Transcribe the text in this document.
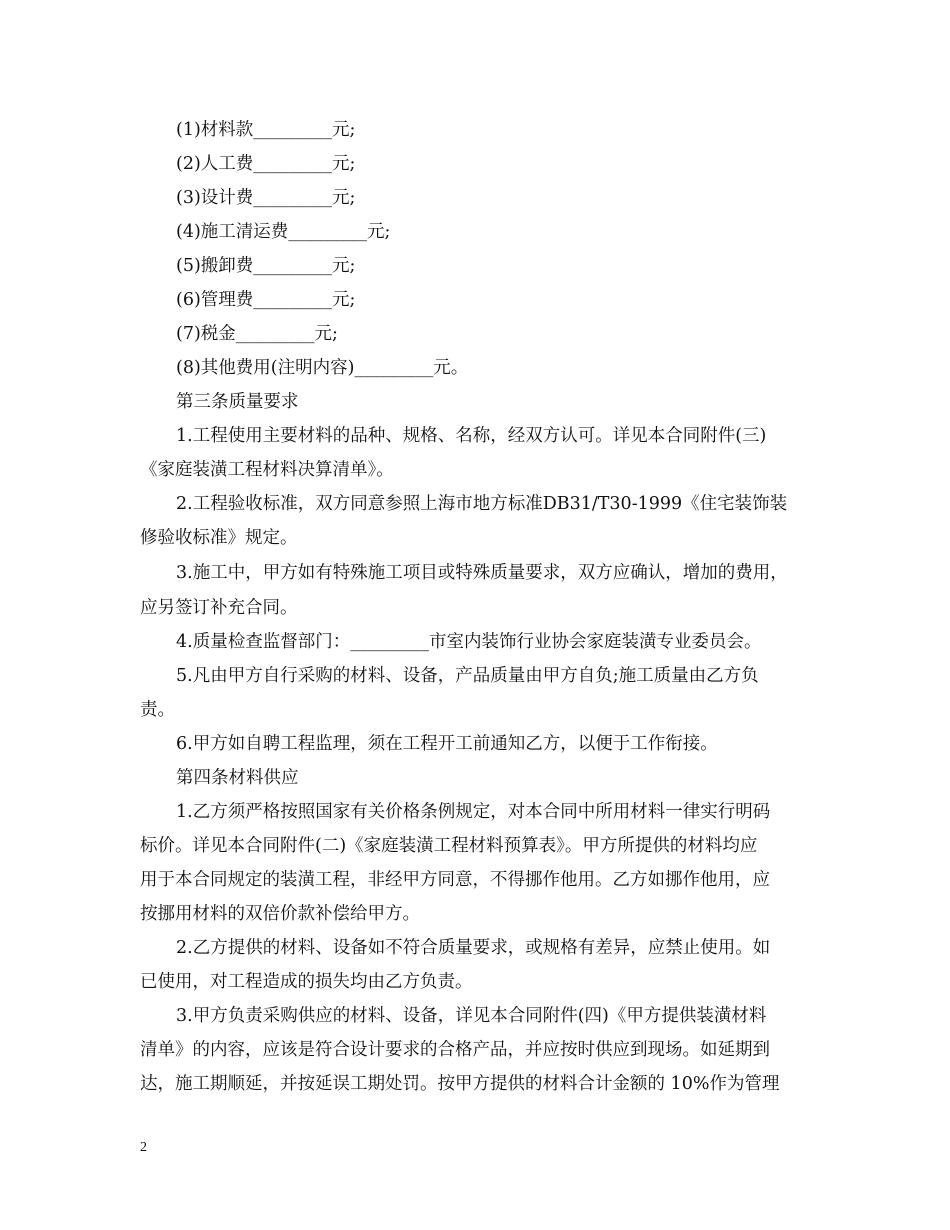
(1)材料款_________元;
(2)人工费_________元;
(3)设计费_________元;
(4)施工清运费_________元;
(5)搬卸费_________元;
(6)管理费_________元;
(7)税金_________元;
(8)其他费用(注明内容)_________元。
第三条质量要求
1.工程使用主要材料的品种、规格、名称，经双方认可。详见本合同附件(三)
《家庭装潢工程材料决算清单》。
2.工程验收标准，双方同意参照上海市地方标准DB31/T30-1999《住宅装饰装
修验收标准》规定。
3.施工中，甲方如有特殊施工项目或特殊质量要求，双方应确认，增加的费用，
应另签订补充合同。
4.质量检查监督部门：_________市室内装饰行业协会家庭装潢专业委员会。
5.凡由甲方自行采购的材料、设备，产品质量由甲方自负;施工质量由乙方负
责。
6.甲方如自聘工程监理，须在工程开工前通知乙方，以便于工作衔接。
第四条材料供应
1.乙方须严格按照国家有关价格条例规定，对本合同中所用材料一律实行明码
标价。详见本合同附件(二)《家庭装潢工程材料预算表》。甲方所提供的材料均应
用于本合同规定的装潢工程，非经甲方同意，不得挪作他用。乙方如挪作他用，应
按挪用材料的双倍价款补偿给甲方。
2.乙方提供的材料、设备如不符合质量要求，或规格有差异，应禁止使用。如
已使用，对工程造成的损失均由乙方负责。
3.甲方负责采购供应的材料、设备，详见本合同附件(四)《甲方提供装潢材料
清单》的内容，应该是符合设计要求的合格产品，并应按时供应到现场。如延期到
达，施工期顺延，并按延误工期处罚。按甲方提供的材料合计金额的 10%作为管理
2
